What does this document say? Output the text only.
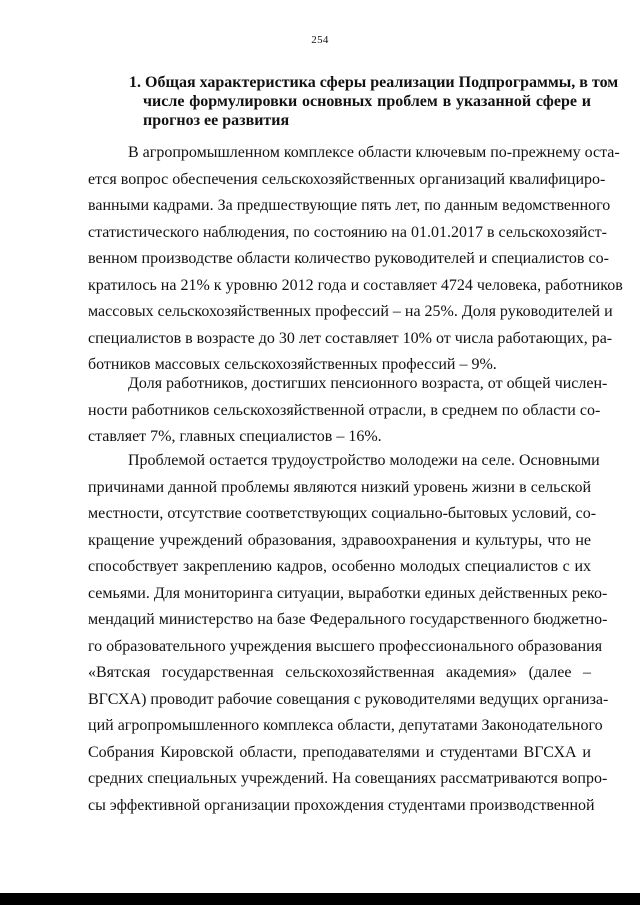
254
1. Общая характеристика сферы реализации Подпрограммы, в том
числе формулировки основных проблем в указанной сфере и
прогноз ее развития
В агропромышленном комплексе области ключевым по-прежнему оста-
ется вопрос обеспечения сельскохозяйственных организаций квалифициро-
ванными кадрами. За предшествующие пять лет, по данным ведомственного
статистического наблюдения, по состоянию на 01.01.2017 в сельскохозяйст-
венном производстве области количество руководителей и специалистов со-
кратилось на 21% к уровню 2012 года и составляет 4724 человека, работников
массовых сельскохозяйственных профессий – на 25%. Доля руководителей и
специалистов в возрасте до 30 лет составляет 10% от числа работающих, ра-
ботников массовых сельскохозяйственных профессий – 9%.
Доля работников, достигших пенсионного возраста, от общей числен-
ности работников сельскохозяйственной отрасли, в среднем по области со-
ставляет 7%, главных специалистов – 16%.
Проблемой остается трудоустройство молодежи на селе. Основными
причинами данной проблемы являются низкий уровень жизни в сельской
местности, отсутствие соответствующих социально-бытовых условий, со-
кращение учреждений образования, здравоохранения и культуры, что не
способствует закреплению кадров, особенно молодых специалистов с их
семьями. Для мониторинга ситуации, выработки единых действенных реко-
мендаций министерство на базе Федерального государственного бюджетно-
го образовательного учреждения высшего профессионального образования
«Вятская государственная сельскохозяйственная академия» (далее –
ВГСХА) проводит рабочие совещания с руководителями ведущих организа-
ций агропромышленного комплекса области, депутатами Законодательного
Собрания Кировской области, преподавателями и студентами ВГСХА и
средних специальных учреждений. На совещаниях рассматриваются вопро-
сы эффективной организации прохождения студентами производственной
